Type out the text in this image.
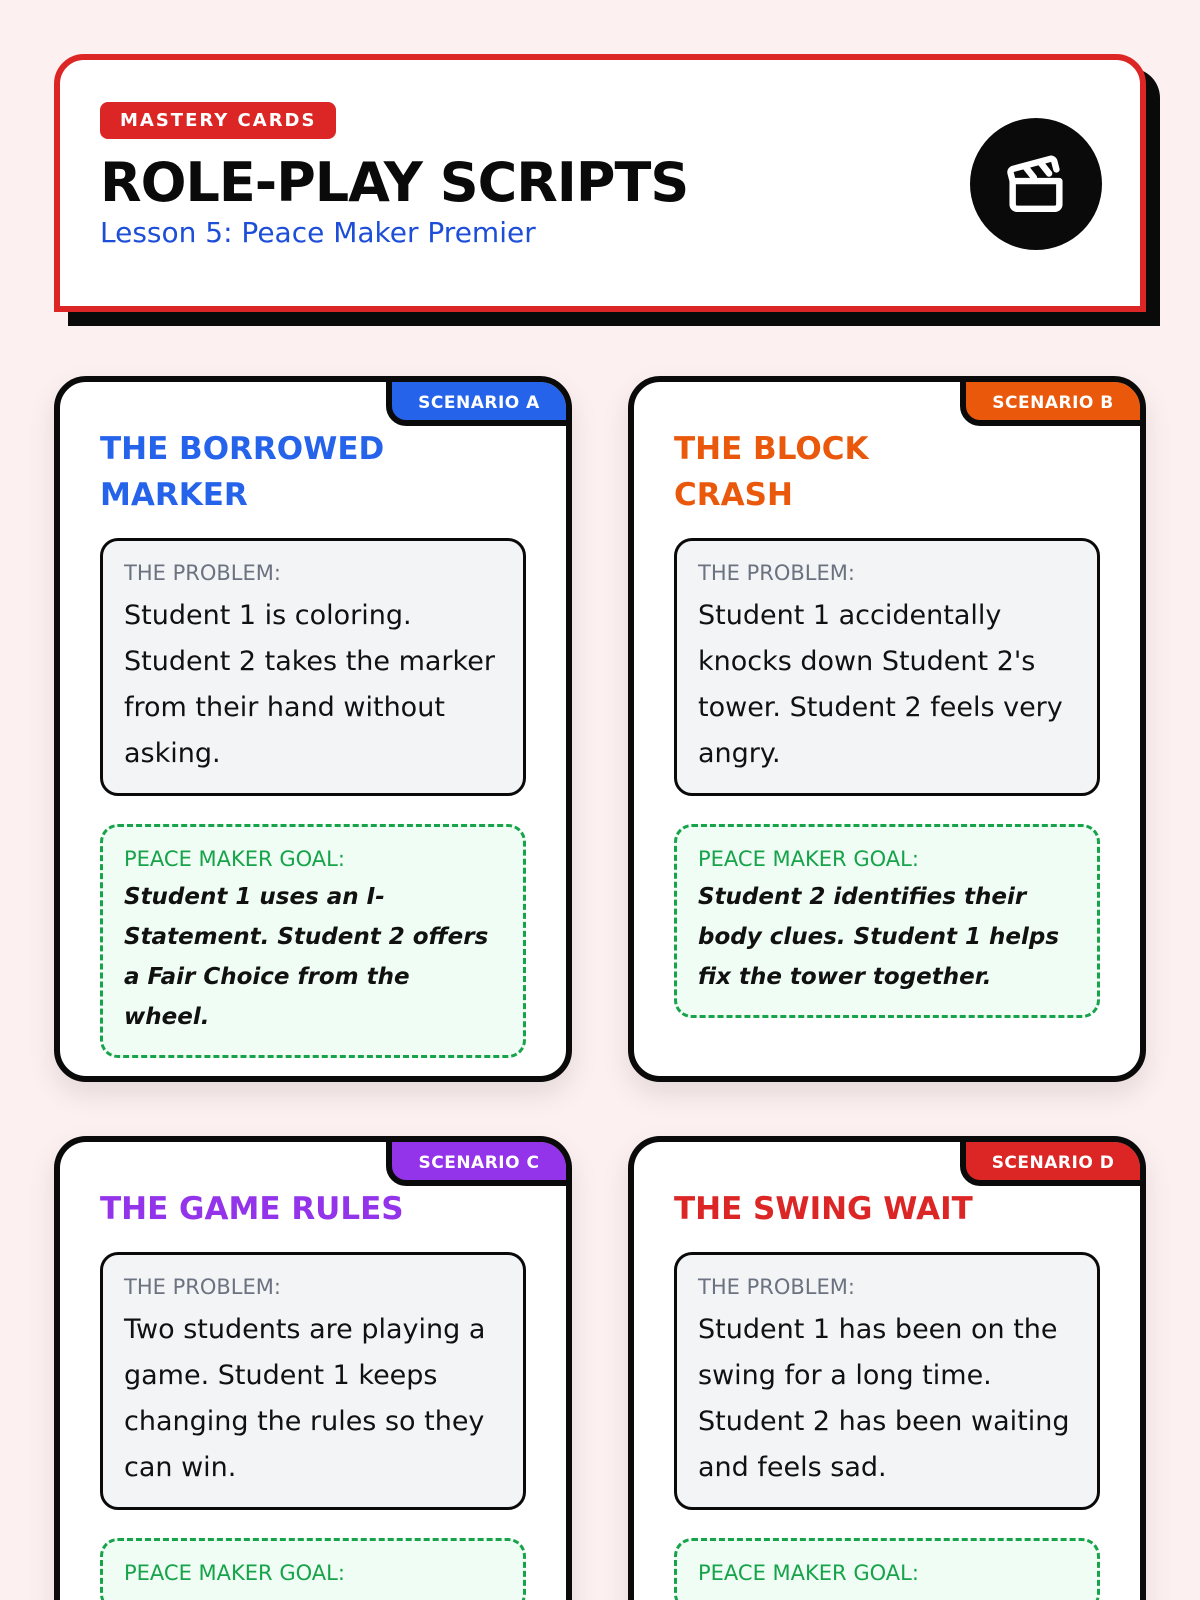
MASTERY CARDS
ROLE-PLAY SCRIPTS
Lesson 5: Peace Maker Premier
SCENARIO A
THE BORROWED MARKER
THE PROBLEM:
Student 1 is coloring. Student 2 takes the marker from their hand without asking.
PEACE MAKER GOAL:
Student 1 uses an I-Statement. Student 2 offers a Fair Choice from the wheel.
SCENARIO B
THE BLOCK CRASH
THE PROBLEM:
Student 1 accidentally knocks down Student 2's tower. Student 2 feels very angry.
PEACE MAKER GOAL:
Student 2 identifies their body clues. Student 1 helps fix the tower together.
SCENARIO C
THE GAME RULES
THE PROBLEM:
Two students are playing a game. Student 1 keeps changing the rules so they can win.
PEACE MAKER GOAL:
SCENARIO D
THE SWING WAIT
THE PROBLEM:
Student 1 has been on the swing for a long time. Student 2 has been waiting and feels sad.
PEACE MAKER GOAL:
